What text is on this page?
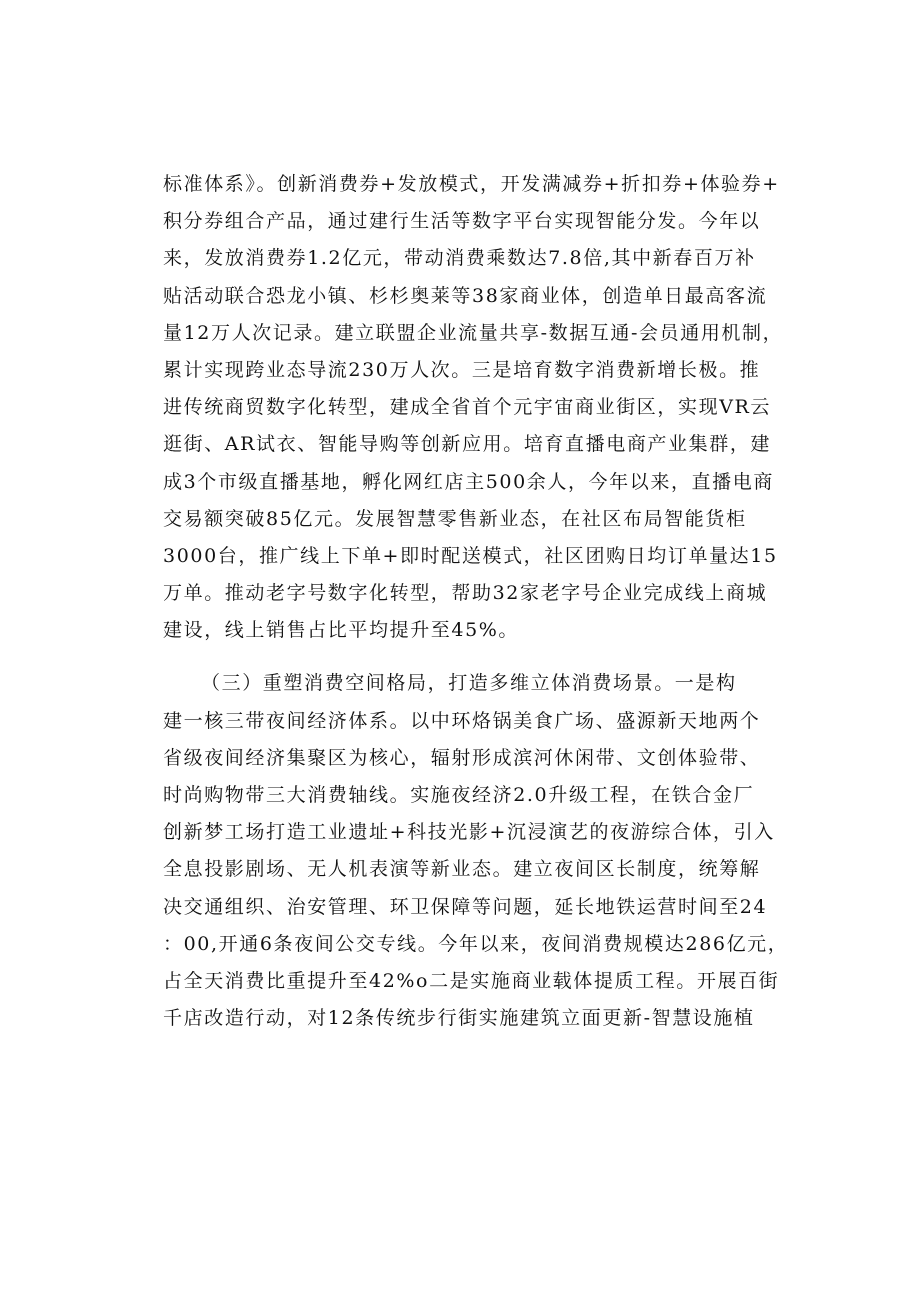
标准体系》。创新消费券+发放模式，开发满减券+折扣券+体验券+
积分券组合产品，通过建行生活等数字平台实现智能分发。今年以
来，发放消费券1.2亿元，带动消费乘数达7.8倍,其中新春百万补
贴活动联合恐龙小镇、杉杉奥莱等38家商业体，创造单日最高客流
量12万人次记录。建立联盟企业流量共享-数据互通-会员通用机制，
累计实现跨业态导流230万人次。三是培育数字消费新增长极。推
进传统商贸数字化转型，建成全省首个元宇宙商业街区，实现VR云
逛街、AR试衣、智能导购等创新应用。培育直播电商产业集群，建
成3个市级直播基地，孵化网红店主500余人，今年以来，直播电商
交易额突破85亿元。发展智慧零售新业态，在社区布局智能货柜
3000台，推广线上下单+即时配送模式，社区团购日均订单量达15
万单。推动老字号数字化转型，帮助32家老字号企业完成线上商城
建设，线上销售占比平均提升至45%。
（三）重塑消费空间格局，打造多维立体消费场景。一是构
建一核三带夜间经济体系。以中环烙锅美食广场、盛源新天地两个
省级夜间经济集聚区为核心，辐射形成滨河休闲带、文创体验带、
时尚购物带三大消费轴线。实施夜经济2.0升级工程，在铁合金厂
创新梦工场打造工业遗址+科技光影+沉浸演艺的夜游综合体，引入
全息投影剧场、无人机表演等新业态。建立夜间区长制度，统筹解
决交通组织、治安管理、环卫保障等问题，延长地铁运营时间至24
：00,开通6条夜间公交专线。今年以来，夜间消费规模达286亿元，
占全天消费比重提升至42%o二是实施商业载体提质工程。开展百街
千店改造行动，对12条传统步行街实施建筑立面更新-智慧设施植
